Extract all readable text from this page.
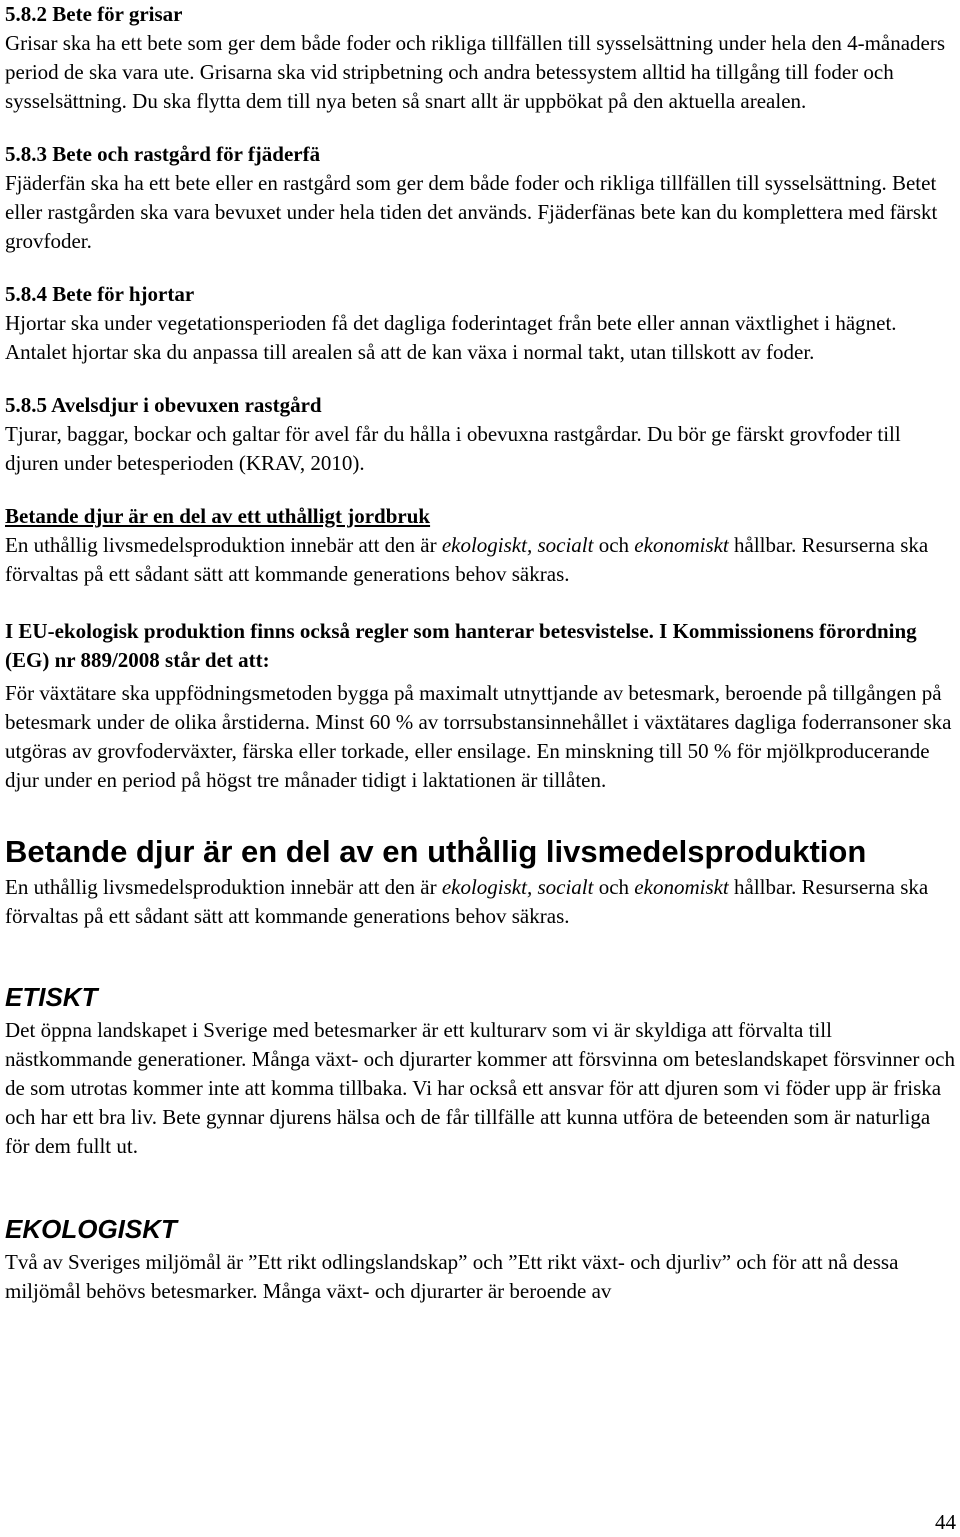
5.8.2 Bete för grisar

Grisar ska ha ett bete som ger dem både foder och rikliga tillfällen till sysselsättning under hela den 4-månaders period de ska vara ute. Grisarna ska vid stripbetning och andra betessystem alltid ha tillgång till foder och sysselsättning. Du ska flytta dem till nya beten så snart allt är uppbökat på den aktuella arealen.

5.8.3 Bete och rastgård för fjäderfä

Fjäderfän ska ha ett bete eller en rastgård som ger dem både foder och rikliga tillfällen till sysselsättning. Betet eller rastgården ska vara bevuxet under hela tiden det används. Fjäderfänas bete kan du komplettera med färskt grovfoder.

5.8.4 Bete för hjortar

Hjortar ska under vegetationsperioden få det dagliga foderintaget från bete eller annan växtlighet i hägnet. Antalet hjortar ska du anpassa till arealen så att de kan växa i normal takt, utan tillskott av foder.

5.8.5 Avelsdjur i obevuxen rastgård

Tjurar, baggar, bockar och galtar för avel får du hålla i obevuxna rastgårdar. Du bör ge färskt grovfoder till djuren under betesperioden (KRAV, 2010).

Betande djur är en del av ett uthålligt jordbruk

En uthållig livsmedelsproduktion innebär att den är ekologiskt, socialt och ekonomiskt hållbar. Resurserna ska förvaltas på ett sådant sätt att kommande generations behov säkras.

I EU-ekologisk produktion finns också regler som hanterar betesvistelse. I Kommissionens förordning (EG) nr 889/2008 står det att:

För växtätare ska uppfödningsmetoden bygga på maximalt utnyttjande av betesmark, beroende på tillgången på betesmark under de olika årstiderna. Minst 60 % av torrsubstansinnehållet i växtätares dagliga foderransoner ska utgöras av grovfoderväxter, färska eller torkade, eller ensilage. En minskning till 50 % för mjölkproducerande djur under en period på högst tre månader tidigt i laktationen är tillåten.

Betande djur är en del av en uthållig livsmedelsproduktion

En uthållig livsmedelsproduktion innebär att den är ekologiskt, socialt och ekonomiskt hållbar. Resurserna ska förvaltas på ett sådant sätt att kommande generations behov säkras.

ETISKT

Det öppna landskapet i Sverige med betesmarker är ett kulturarv som vi är skyldiga att förvalta till nästkommande generationer. Många växt- och djurarter kommer att försvinna om beteslandskapet försvinner och de som utrotas kommer inte att komma tillbaka. Vi har också ett ansvar för att djuren som vi föder upp är friska och har ett bra liv. Bete gynnar djurens hälsa och de får tillfälle att kunna utföra de beteenden som är naturliga för dem fullt ut.

EKOLOGISKT

Två av Sveriges miljömål är ”Ett rikt odlingslandskap” och ”Ett rikt växt- och djurliv” och för att nå dessa miljömål behövs betesmarker. Många växt- och djurarter är beroende av

44
